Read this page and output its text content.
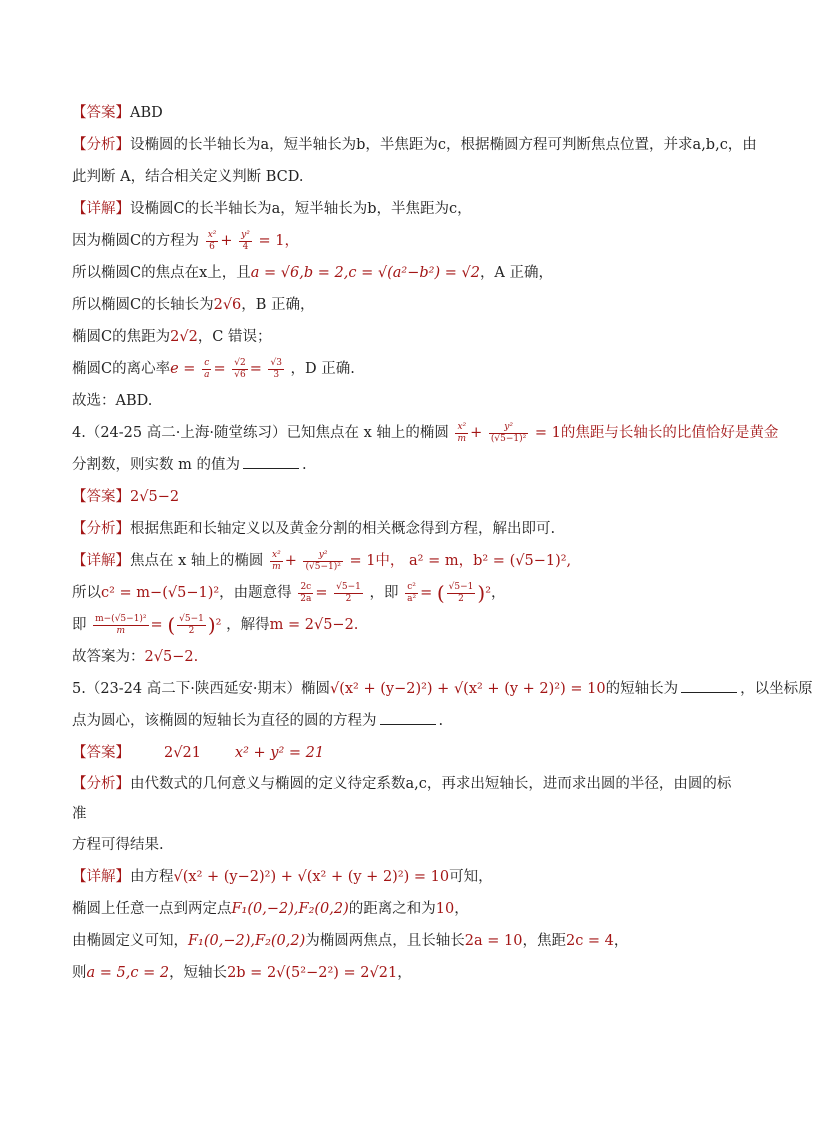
【答案】ABD
【分析】设椭圆的长半轴长为a，短半轴长为b，半焦距为c，根据椭圆方程可判断焦点位置，并求a,b,c，由
此判断 A，结合相关定义判断 BCD.
【详解】设椭圆C的长半轴长为a，短半轴长为b，半焦距为c，
因为椭圆C的方程为 $\frac{\text{x²}}{6} + \frac{\text{y²}}{4} = 1$，
所以椭圆C的焦点在x上，且a = √6,b = 2,c = √(a²−b²) = √2，A 正确，
所以椭圆C的长轴长为2√6，B 正确，
椭圆C的焦距为2√2，C 错误；
椭圆C的离心率$e = \frac{c}{a} = \frac{√2}{√6} = \frac{√3}{3}$ ，D 正确.
故选：ABD.
4.（24-25 高二·上海·随堂练习）已知焦点在 x 轴上的椭圆 $\frac{\text{x²}}{m} + \frac{\text{y²}}{\text{(√5−1)²}} = 1$的焦距与长轴长的比值恰好是黄金
分割数，则实数 m 的值为	.
【答案】2√5−2
【分析】根据焦距和长轴定义以及黄金分割的相关概念得到方程，解出即可.
【详解】焦点在 x 轴上的椭圆 $\frac{\text{x²}}{m} + \frac{\text{y²}}{\text{(√5−1)²}} = 1$中， a² = m，b² = (√5−1)²,
所以c² = m−(√5−1)²，由题意得 $\frac{2c}{2a} = \frac{√5-1}{2}$ ，即 $\frac{\text{c²}}{\text{a²}}$ = ( $\frac{√5-1}{2} )^2$，
即 $\frac{\text{m−(√5−1)²}}{m}$ = ( $\frac{√5-1}{2} )^2$ ，解得m = 2√5−2.
故答案为：2√5−2.
5.（23-24 高二下·陕西延安·期末）椭圆√(x² + (y−2)²) + √(x² + (y + 2)²) = 10的短轴长为	，以坐标原
点为圆心，该椭圆的短轴长为直径的圆的方程为	.
【答案】 2√21 x² + y² = 21
【分析】由代数式的几何意义与椭圆的定义待定系数a,c，再求出短轴长，进而求出圆的半径，由圆的标准
方程可得结果.
【详解】由方程√(x² + (y−2)²) + √(x² + (y + 2)²) = 10可知，
椭圆上任意一点到两定点F₁(0,−2),F₂(0,2)的距离之和为10，
由椭圆定义可知，F₁(0,−2),F₂(0,2)为椭圆两焦点，且长轴长2a = 10，焦距2c = 4，
则a = 5,c = 2，短轴长2b = 2√(5²−2²) = 2√21，
